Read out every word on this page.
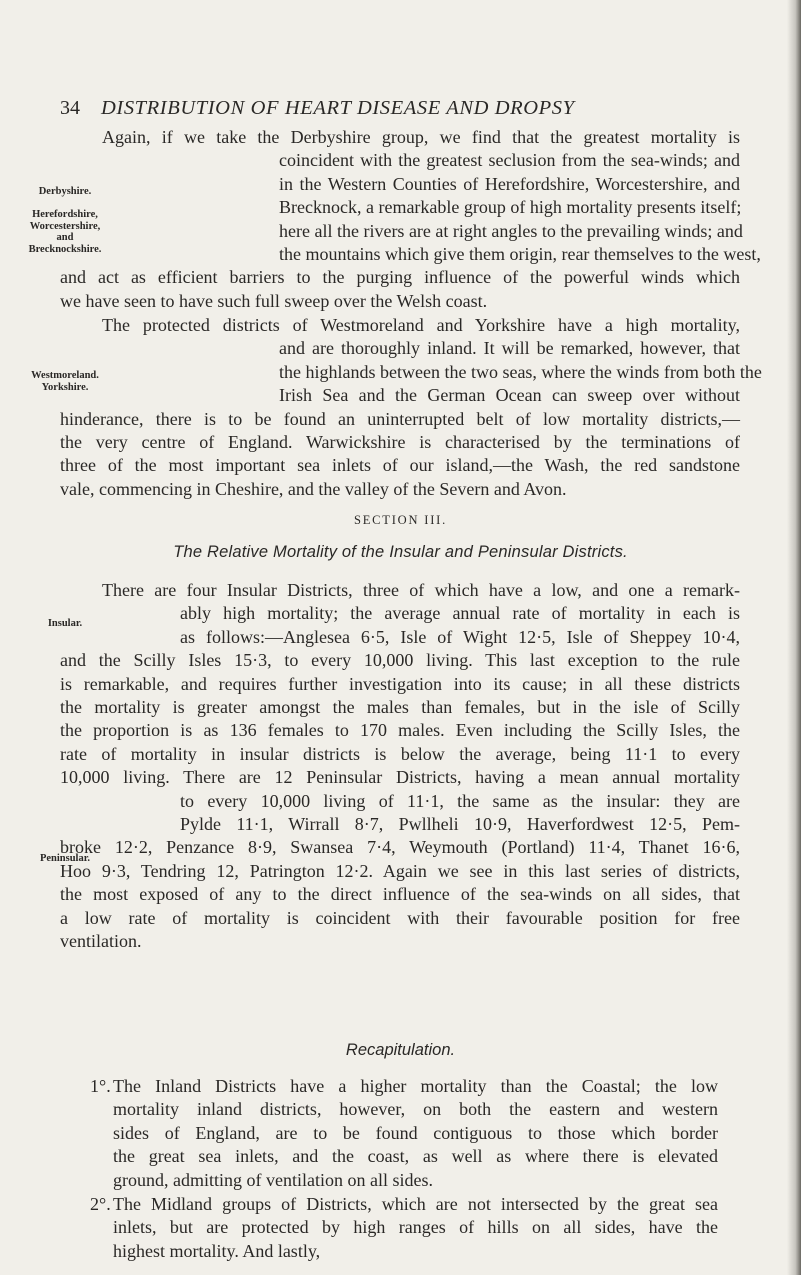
34 DISTRIBUTION OF HEART DISEASE AND DROPSY
Derbyshire.
Herefordshire,
Worcestershire,
and Brecknockshire.
Westmoreland.
Yorkshire.
Insular.
Peninsular.
Again, if we take the Derbyshire group, we find that the greatest mortality is
coincident with the greatest seclusion from the sea-winds; and
in the Western Counties of Herefordshire, Worcestershire, and
Brecknock, a remarkable group of high mortality presents itself;
here all the rivers are at right angles to the prevailing winds; and
the mountains which give them origin, rear themselves to the west,
and act as efficient barriers to the purging influence of the powerful winds which
we have seen to have such full sweep over the Welsh coast.
The protected districts of Westmoreland and Yorkshire have a high mortality,
and are thoroughly inland. It will be remarked, however, that
the highlands between the two seas, where the winds from both the
Irish Sea and the German Ocean can sweep over without
hinderance, there is to be found an uninterrupted belt of low mortality districts,—
the very centre of England. Warwickshire is characterised by the terminations of
three of the most important sea inlets of our island,—the Wash, the red sandstone
vale, commencing in Cheshire, and the valley of the Severn and Avon.
SECTION III.
The Relative Mortality of the Insular and Peninsular Districts.
There are four Insular Districts, three of which have a low, and one a remark-
ably high mortality; the average annual rate of mortality in each is
as follows:—Anglesea 6·5, Isle of Wight 12·5, Isle of Sheppey 10·4,
and the Scilly Isles 15·3, to every 10,000 living. This last exception to the rule
is remarkable, and requires further investigation into its cause; in all these districts
the mortality is greater amongst the males than females, but in the isle of Scilly
the proportion is as 136 females to 170 males. Even including the Scilly Isles, the
rate of mortality in insular districts is below the average, being 11·1 to every
10,000 living. There are 12 Peninsular Districts, having a mean annual mortality
to every 10,000 living of 11·1, the same as the insular: they are
Pylde 11·1, Wirrall 8·7, Pwllheli 10·9, Haverfordwest 12·5, Pem-
broke 12·2, Penzance 8·9, Swansea 7·4, Weymouth (Portland) 11·4, Thanet 16·6,
Hoo 9·3, Tendring 12, Patrington 12·2. Again we see in this last series of districts,
the most exposed of any to the direct influence of the sea-winds on all sides, that
a low rate of mortality is coincident with their favourable position for free
ventilation.
Recapitulation.
1°. The Inland Districts have a higher mortality than the Coastal; the low
mortality inland districts, however, on both the eastern and western
sides of England, are to be found contiguous to those which border
the great sea inlets, and the coast, as well as where there is elevated
ground, admitting of ventilation on all sides.
2°. The Midland groups of Districts, which are not intersected by the great sea
inlets, but are protected by high ranges of hills on all sides, have the
highest mortality. And lastly,
